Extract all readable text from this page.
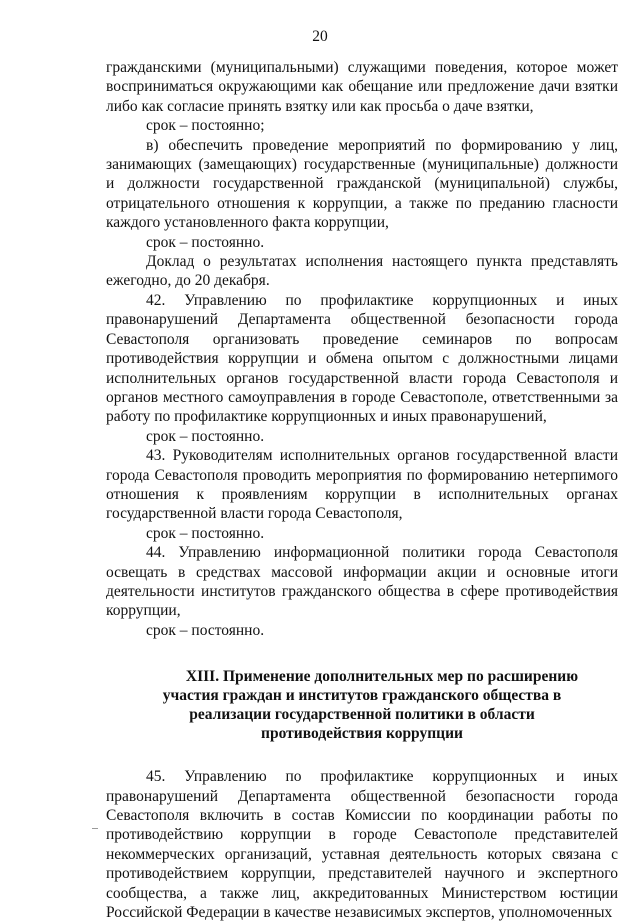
20

гражданскими (муниципальными) служащими поведения, которое может восприниматься окружающими как обещание или предложение дачи взятки либо как согласие принять взятку или как просьба о даче взятки,

срок – постоянно;

в) обеспечить проведение мероприятий по формированию у лиц, занимающих (замещающих) государственные (муниципальные) должности и должности государственной гражданской (муниципальной) службы, отрицательного отношения к коррупции, а также по преданию гласности каждого установленного факта коррупции,

срок – постоянно.

Доклад о результатах исполнения настоящего пункта представлять ежегодно, до 20 декабря.

42. Управлению по профилактике коррупционных и иных правонарушений Департамента общественной безопасности города Севастополя организовать проведение семинаров по вопросам противодействия коррупции и обмена опытом с должностными лицами исполнительных органов государственной власти города Севастополя и органов местного самоуправления в городе Севастополе, ответственными за работу по профилактике коррупционных и иных правонарушений,

срок – постоянно.

43. Руководителям исполнительных органов государственной власти города Севастополя проводить мероприятия по формированию нетерпимого отношения к проявлениям коррупции в исполнительных органах государственной власти города Севастополя,

срок – постоянно.

44. Управлению информационной политики города Севастополя освещать в средствах массовой информации акции и основные итоги деятельности институтов гражданского общества в сфере противодействия коррупции,

срок – постоянно.

XIII. Применение дополнительных мер по расширению участия граждан и институтов гражданского общества в реализации государственной политики в области противодействия коррупции

45. Управлению по профилактике коррупционных и иных правонарушений Департамента общественной безопасности города Севастополя включить в состав Комиссии по координации работы по противодействию коррупции в городе Севастополе представителей некоммерческих организаций, уставная деятельность которых связана с противодействием коррупции, представителей научного и экспертного сообщества, а также лиц, аккредитованных Министерством юстиции Российской Федерации в качестве независимых экспертов, уполномоченных
